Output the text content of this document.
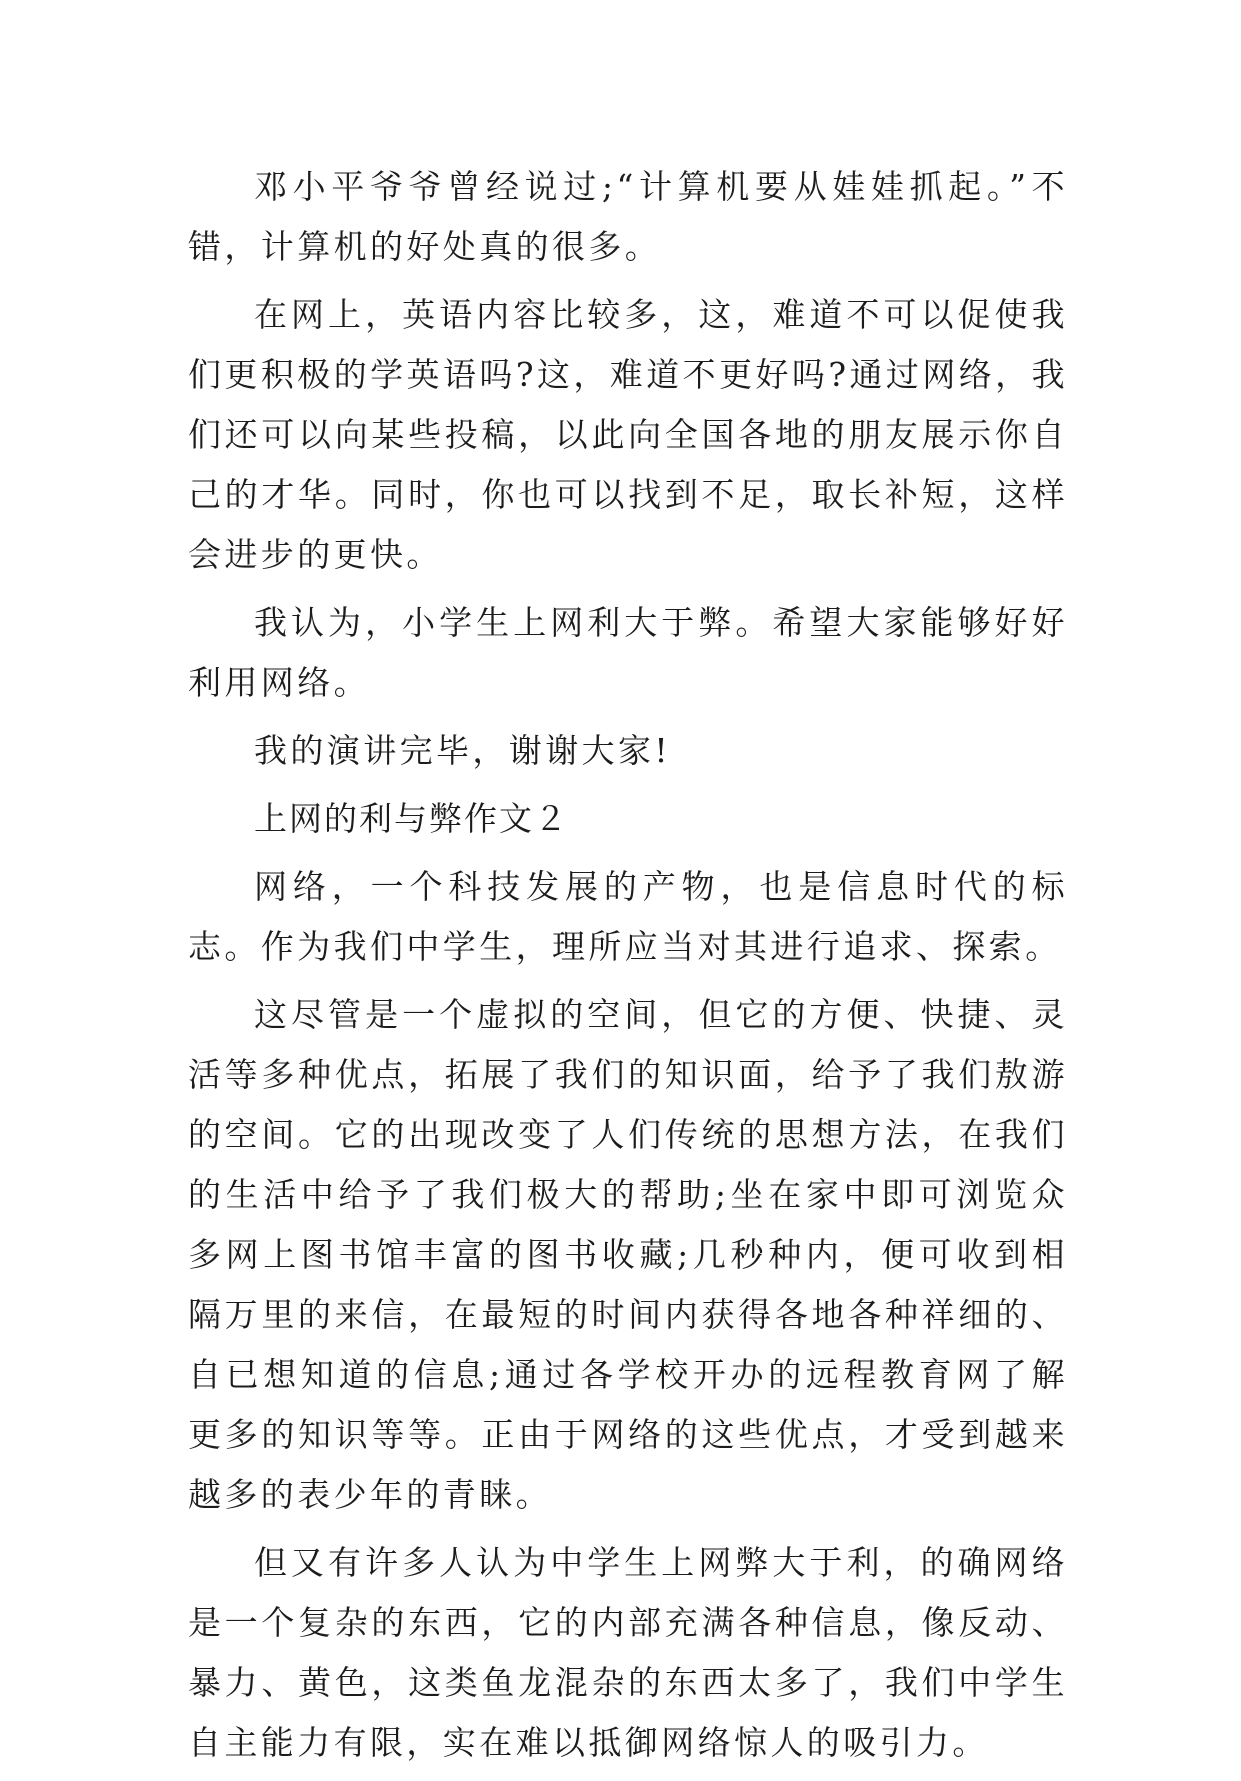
邓小平爷爷曾经说过;“计算机要从娃娃抓起。”不错，计算机的好处真的很多。

在网上，英语内容比较多，这，难道不可以促使我们更积极的学英语吗?这，难道不更好吗?通过网络，我们还可以向某些投稿，以此向全国各地的朋友展示你自己的才华。同时，你也可以找到不足，取长补短，这样会进步的更快。

我认为，小学生上网利大于弊。希望大家能够好好利用网络。

我的演讲完毕，谢谢大家!

上网的利与弊作文２

网络，一个科技发展的产物，也是信息时代的标志。作为我们中学生，理所应当对其进行追求、探索。

这尽管是一个虚拟的空间，但它的方便、快捷、灵活等多种优点，拓展了我们的知识面，给予了我们敖游的空间。它的出现改变了人们传统的思想方法，在我们的生活中给予了我们极大的帮助;坐在家中即可浏览众多网上图书馆丰富的图书收藏;几秒种内，便可收到相隔万里的来信，在最短的时间内获得各地各种祥细的、自已想知道的信息;通过各学校开办的远程教育网了解更多的知识等等。正由于网络的这些优点，才受到越来越多的表少年的青睐。

但又有许多人认为中学生上网弊大于利，的确网络是一个复杂的东西，它的内部充满各种信息，像反动、暴力、黄色，这类鱼龙混杂的东西太多了，我们中学生自主能力有限，实在难以抵御网络惊人的吸引力。
